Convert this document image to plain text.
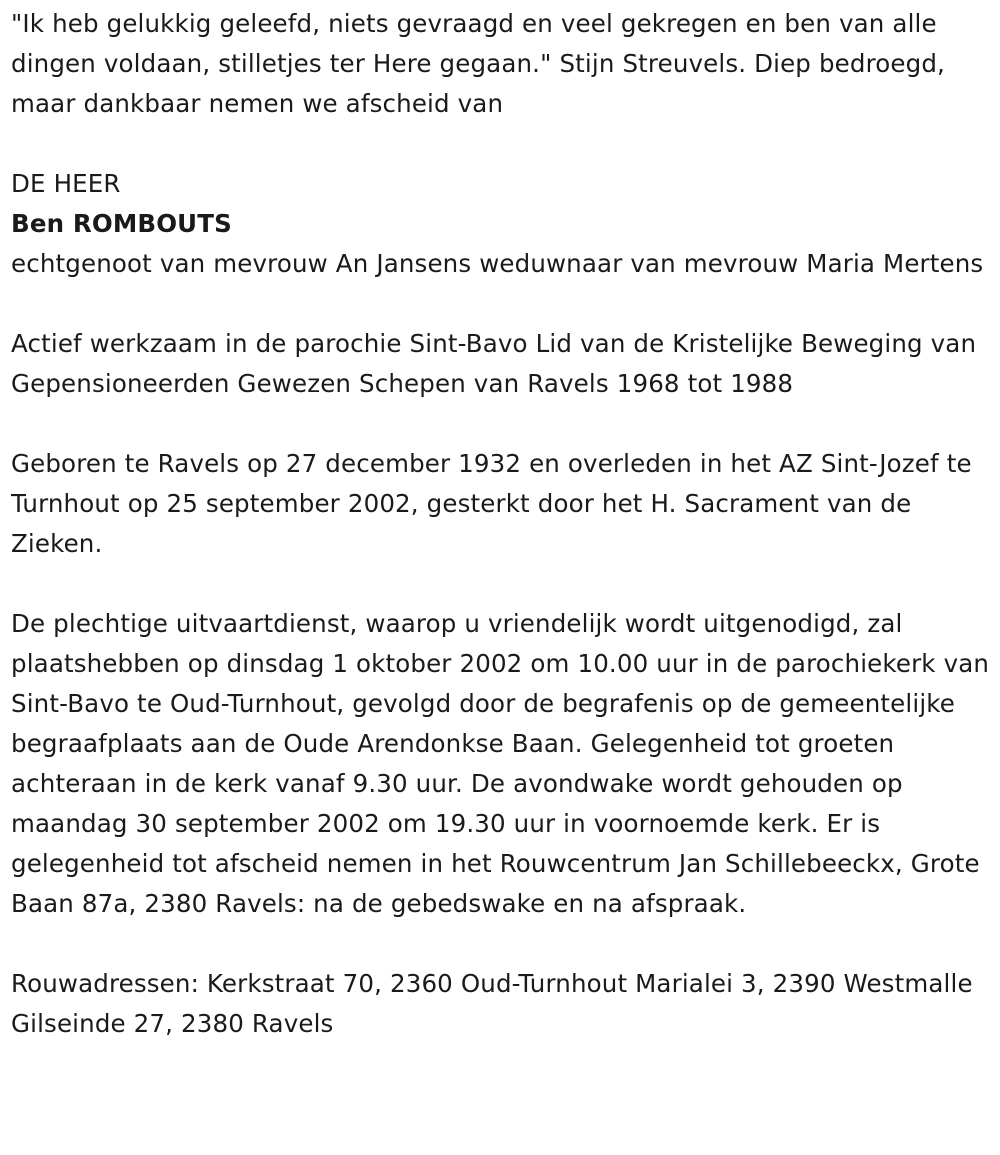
"Ik heb gelukkig geleefd, niets gevraagd en veel gekregen en ben van alle dingen voldaan, stilletjes ter Here gegaan." Stijn Streuvels. Diep bedroegd, maar dankbaar nemen we afscheid van

DE HEER

Ben ROMBOUTS

echtgenoot van mevrouw An Jansens weduwnaar van mevrouw Maria Mertens

Actief werkzaam in de parochie Sint-Bavo Lid van de Kristelijke Beweging van Gepensioneerden Gewezen Schepen van Ravels 1968 tot 1988

Geboren te Ravels op 27 december 1932 en overleden in het AZ Sint-Jozef te Turnhout op 25 september 2002, gesterkt door het H. Sacrament van de Zieken.

De plechtige uitvaartdienst, waarop u vriendelijk wordt uitgenodigd, zal plaatshebben op dinsdag 1 oktober 2002 om 10.00 uur in de parochiekerk van Sint-Bavo te Oud-Turnhout, gevolgd door de begrafenis op de gemeentelijke begraafplaats aan de Oude Arendonkse Baan. Gelegenheid tot groeten achteraan in de kerk vanaf 9.30 uur. De avondwake wordt gehouden op maandag 30 september 2002 om 19.30 uur in voornoemde kerk. Er is gelegenheid tot afscheid nemen in het Rouwcentrum Jan Schillebeeckx, Grote Baan 87a, 2380 Ravels: na de gebedswake en na afspraak.

Rouwadressen: Kerkstraat 70, 2360 Oud-Turnhout Marialei 3, 2390 Westmalle Gilseinde 27, 2380 Ravels
